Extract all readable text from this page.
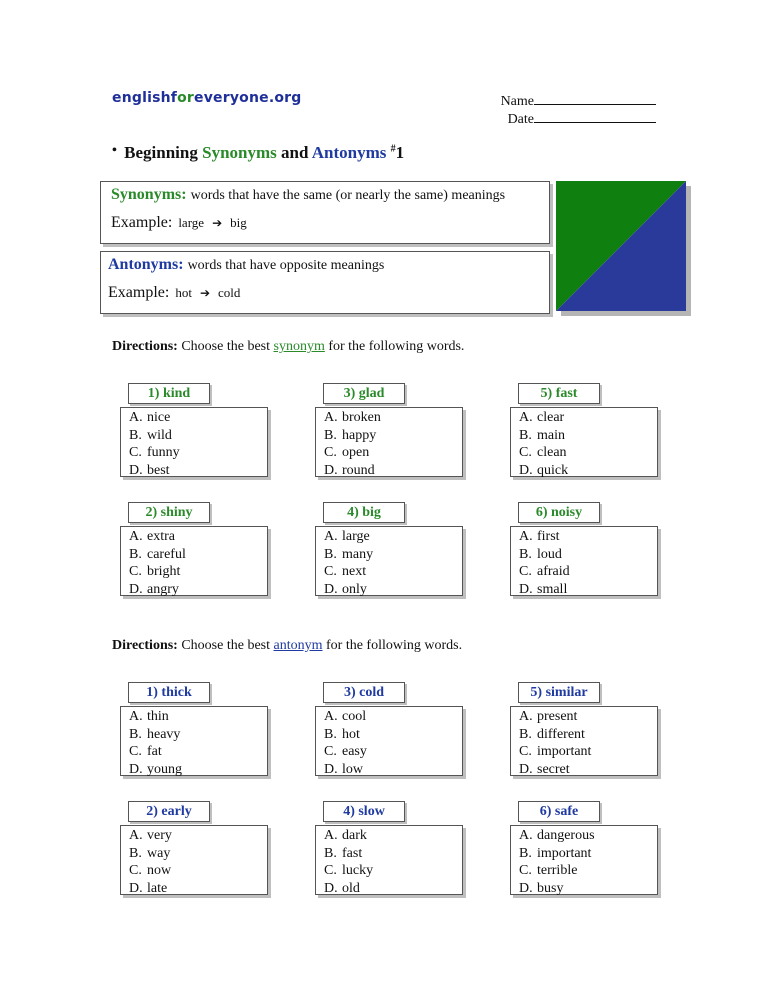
englishforeveryone.org	Name
Date
• Beginning Synonyms and Antonyms #1
Synonyms: words that have the same (or nearly the same) meanings
Example: large ➔ big
Antonyms: words that have opposite meanings
Example: hot ➔ cold
Directions: Choose the best synonym for the following words.
1) kind
A. nice
B. wild
C. funny
D. best
2) shiny
A. extra
B. careful
C. bright
D. angry
3) glad
A. broken
B. happy
C. open
D. round
4) big
A. large
B. many
C. next
D. only
5) fast
A. clear
B. main
C. clean
D. quick
6) noisy
A. first
B. loud
C. afraid
D. small
Directions: Choose the best antonym for the following words.
1) thick
A. thin
B. heavy
C. fat
D. young
2) early
A. very
B. way
C. now
D. late
3) cold
A. cool
B. hot
C. easy
D. low
4) slow
A. dark
B. fast
C. lucky
D. old
5) similar
A. present
B. different
C. important
D. secret
6) safe
A. dangerous
B. important
C. terrible
D. busy
